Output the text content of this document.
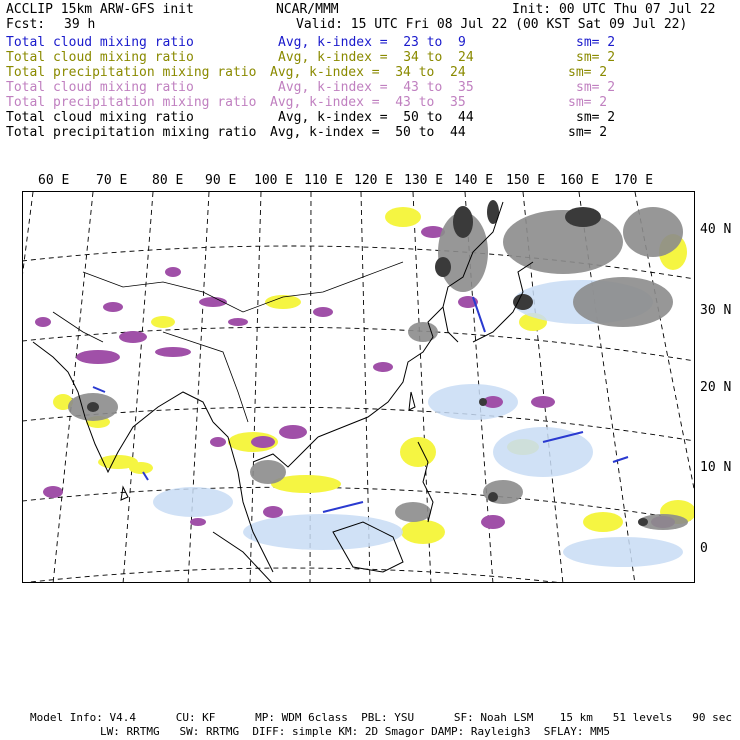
ACCLIP 15km ARW-GFS init	NCAR/MMM	Init: 00 UTC Thu 07 Jul 22
Fcst: 39 h	Valid: 15 UTC Fri 08 Jul 22 (00 KST Sat 09 Jul 22)
Total cloud mixing ratio	Avg, k-index =  23 to  9	sm= 2
Total cloud mixing ratio	Avg, k-index =  34 to  24	sm= 2
Total precipitation mixing ratio Avg, k-index =  34 to  24	sm= 2
Total cloud mixing ratio	Avg, k-index =  43 to  35	sm= 2
Total precipitation mixing ratio Avg, k-index =  43 to  35	sm= 2
Total cloud mixing ratio	Avg, k-index =  50 to  44	sm= 2
Total precipitation mixing ratio Avg, k-index =  50 to  44	sm= 2
60 E 70 E 80 E 90 E 100 E 110 E 120 E 130 E 140 E 150 E 160 E 170 E
40 N
30 N
20 N
10 N
0
Model Info: V4.4      CU: KF      MP: WDM 6class  PBL: YSU      SF: Noah LSM    15 km   51 levels   90 sec
LW: RRTMG   SW: RRTMG  DIFF: simple KM: 2D Smagor DAMP: Rayleigh3  SFLAY: MM5
